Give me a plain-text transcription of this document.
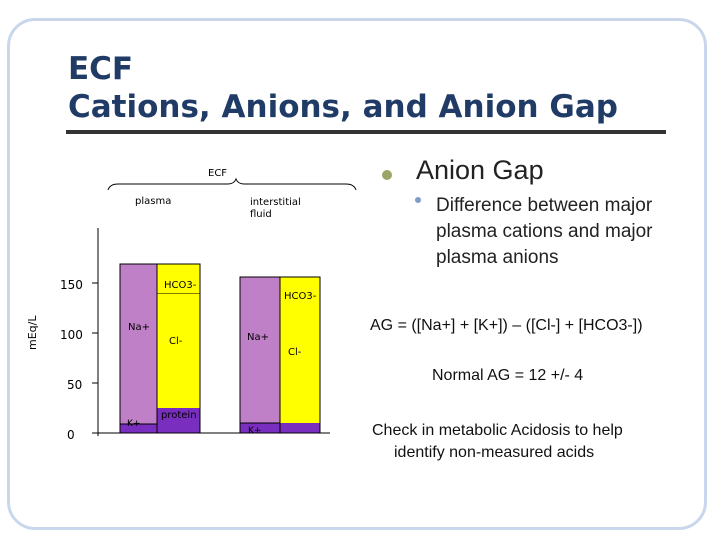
ECF
Cations, Anions, and Anion Gap
ECF
plasma	interstitial
fluid
150
100
50
0
mEq/L
HCO3-
Na+
Cl-
K+
protein
HCO3-
Na+
Cl-
K+
Anion Gap
Difference between major plasma cations and major plasma anions
AG = ([Na+] + [K+]) – ([Cl-] + [HCO3-])
Normal AG = 12 +/- 4
Check in metabolic Acidosis to help
identify non-measured acids
